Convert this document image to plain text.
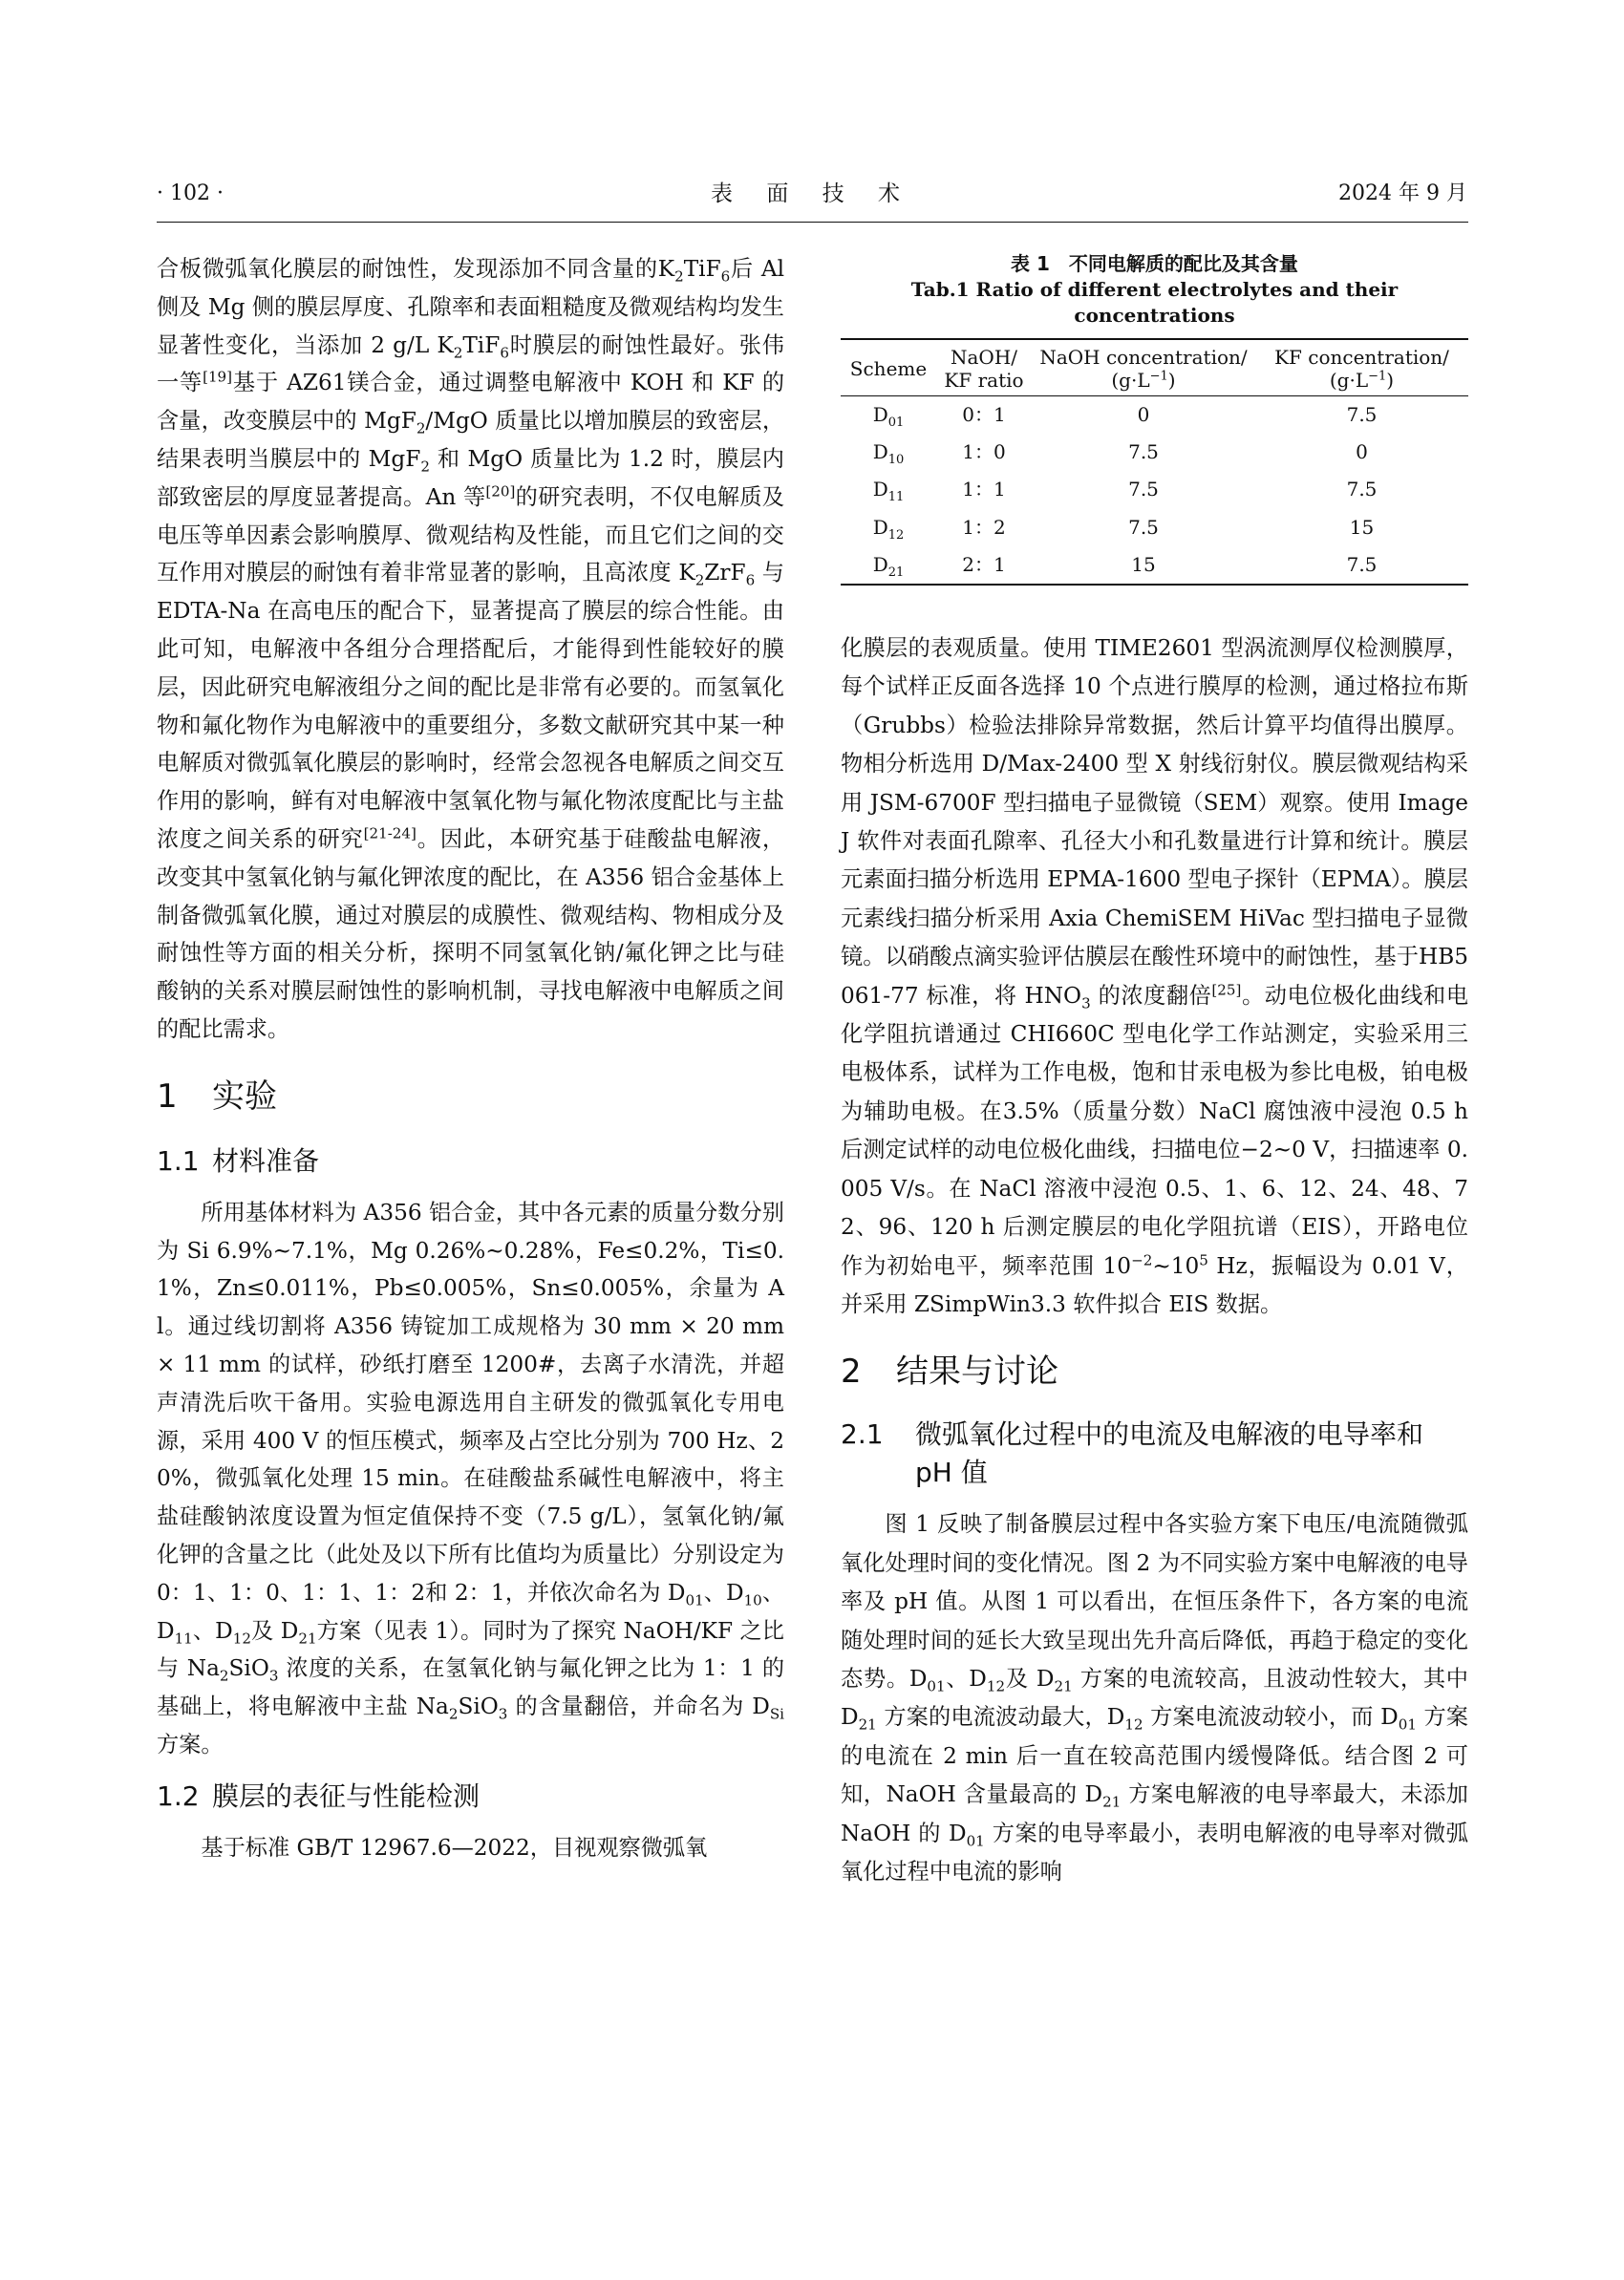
· 102 ·	表 面 技 术	2024 年 9 月

合板微弧氧化膜层的耐蚀性，发现添加不同含量的$K_2TiF_6$后 Al 侧及 Mg 侧的膜层厚度、孔隙率和表面粗糙度及微观结构均发生显著性变化，当添加 2 g/L $K_2TiF_6$时膜层的耐蚀性最好。张伟一等[19]基于 AZ61镁合金，通过调整电解液中 KOH 和 KF 的含量，改变膜层中的 MgF$_2$/MgO 质量比以增加膜层的致密层，结果表明当膜层中的 MgF$_2$ 和 MgO 质量比为 1.2 时，膜层内部致密层的厚度显著提高。An 等[20]的研究表明，不仅电解质及电压等单因素会影响膜厚、微观结构及性能，而且它们之间的交互作用对膜层的耐蚀有着非常显著的影响，且高浓度 $K_2ZrF_6$ 与 EDTA-Na 在高电压的配合下，显著提高了膜层的综合性能。由此可知，电解液中各组分合理搭配后，才能得到性能较好的膜层，因此研究电解液组分之间的配比是非常有必要的。而氢氧化物和氟化物作为电解液中的重要组分，多数文献研究其中某一种电解质对微弧氧化膜层的影响时，经常会忽视各电解质之间交互作用的影响，鲜有对电解液中氢氧化物与氟化物浓度配比与主盐浓度之间关系的研究[21-24]。因此，本研究基于硅酸盐电解液，改变其中氢氧化钠与氟化钾浓度的配比，在 A356 铝合金基体上制备微弧氧化膜，通过对膜层的成膜性、微观结构、物相成分及耐蚀性等方面的相关分析，探明不同氢氧化钠/氟化钾之比与硅酸钠的关系对膜层耐蚀性的影响机制，寻找电解液中电解质之间的配比需求。

1 实验
1.1 材料准备

所用基体材料为 A356 铝合金，其中各元素的质量分数分别为 Si 6.9%~7.1%，Mg 0.26%~0.28%，Fe≤0.2%，Ti≤0.1%，Zn≤0.011%，Pb≤0.005%，Sn≤0.005%，余量为 Al。通过线切割将 A356 铸锭加工成规格为 30 mm × 20 mm × 11 mm 的试样，砂纸打磨至 1200#，去离子水清洗，并超声清洗后吹干备用。实验电源选用自主研发的微弧氧化专用电源，采用 400 V 的恒压模式，频率及占空比分别为 700 Hz、20%，微弧氧化处理 15 min。在硅酸盐系碱性电解液中，将主盐硅酸钠浓度设置为恒定值保持不变（7.5 g/L），氢氧化钠/氟化钾的含量之比（此处及以下所有比值均为质量比）分别设定为 0：1、1：0、1：1、1：2和 2：1，并依次命名为 $D_{01}$、$D_{10}$、$D_{11}$、$D_{12}$及 $D_{21}$方案（见表 1）。同时为了探究 NaOH/KF 之比与 $Na_2SiO_3$ 浓度的关系，在氢氧化钠与氟化钾之比为 1：1 的基础上，将电解液中主盐 $Na_2SiO_3$ 的含量翻倍，并命名为 $D_{Si}$ 方案。

1.2 膜层的表征与性能检测

基于标准 GB/T 12967.6—2022，目视观察微弧氧

表 1　不同电解质的配比及其含量
Tab.1 Ratio of different electrolytes and their concentrations
Scheme	NaOH/ KF ratio	NaOH concentration/ $(g\cdot L^{-1})$	KF concentration/ $(g\cdot L^{-1})$
$D_{01}$	0：1	0	7.5
$D_{10}$	1：0	7.5	0
$D_{11}$	1：1	7.5	7.5
$D_{12}$	1：2	7.5	15
$D_{21}$	2：1	15	7.5

化膜层的表观质量。使用 TIME2601 型涡流测厚仪检测膜厚，每个试样正反面各选择 10 个点进行膜厚的检测，通过格拉布斯（Grubbs）检验法排除异常数据，然后计算平均值得出膜厚。物相分析选用 D/Max-2400 型 X 射线衍射仪。膜层微观结构采用 JSM-6700F 型扫描电子显微镜（SEM）观察。使用 Image J 软件对表面孔隙率、孔径大小和孔数量进行计算和统计。膜层元素面扫描分析选用 EPMA-1600 型电子探针（EPMA）。膜层元素线扫描分析采用 Axia ChemiSEM HiVac 型扫描电子显微镜。以硝酸点滴实验评估膜层在酸性环境中的耐蚀性，基于HB5061-77 标准，将 $HNO_3$ 的浓度翻倍[25]。动电位极化曲线和电化学阻抗谱通过 CHI660C 型电化学工作站测定，实验采用三电极体系，试样为工作电极，饱和甘汞电极为参比电极，铂电极为辅助电极。在3.5%（质量分数）NaCl 腐蚀液中浸泡 0.5 h 后测定试样的动电位极化曲线，扫描电位−2~0 V，扫描速率 0.005 V/s。在 NaCl 溶液中浸泡 0.5、1、6、12、24、48、72、96、120 h 后测定膜层的电化学阻抗谱（EIS），开路电位作为初始电平，频率范围 $10^{-2}\sim 10^5$ Hz，振幅设为 0.01 V，并采用 ZSimpWin3.3 软件拟合 EIS 数据。

2 结果与讨论
2.1	微弧氧化过程中的电流及电解液的电导率和 pH 值

图 1 反映了制备膜层过程中各实验方案下电压/电流随微弧氧化处理时间的变化情况。图 2 为不同实验方案中电解液的电导率及 pH 值。从图 1 可以看出，在恒压条件下，各方案的电流随处理时间的延长大致呈现出先升高后降低，再趋于稳定的变化态势。$D_{01}$、$D_{12}$及 $D_{21}$ 方案的电流较高，且波动性较大，其中 $D_{21}$ 方案的电流波动最大，$D_{12}$ 方案电流波动较小，而 $D_{01}$ 方案的电流在 2 min 后一直在较高范围内缓慢降低。结合图 2 可知，NaOH 含量最高的 $D_{21}$ 方案电解液的电导率最大，未添加 NaOH 的 $D_{01}$ 方案的电导率最小，表明电解液的电导率对微弧氧化过程中电流的影响
